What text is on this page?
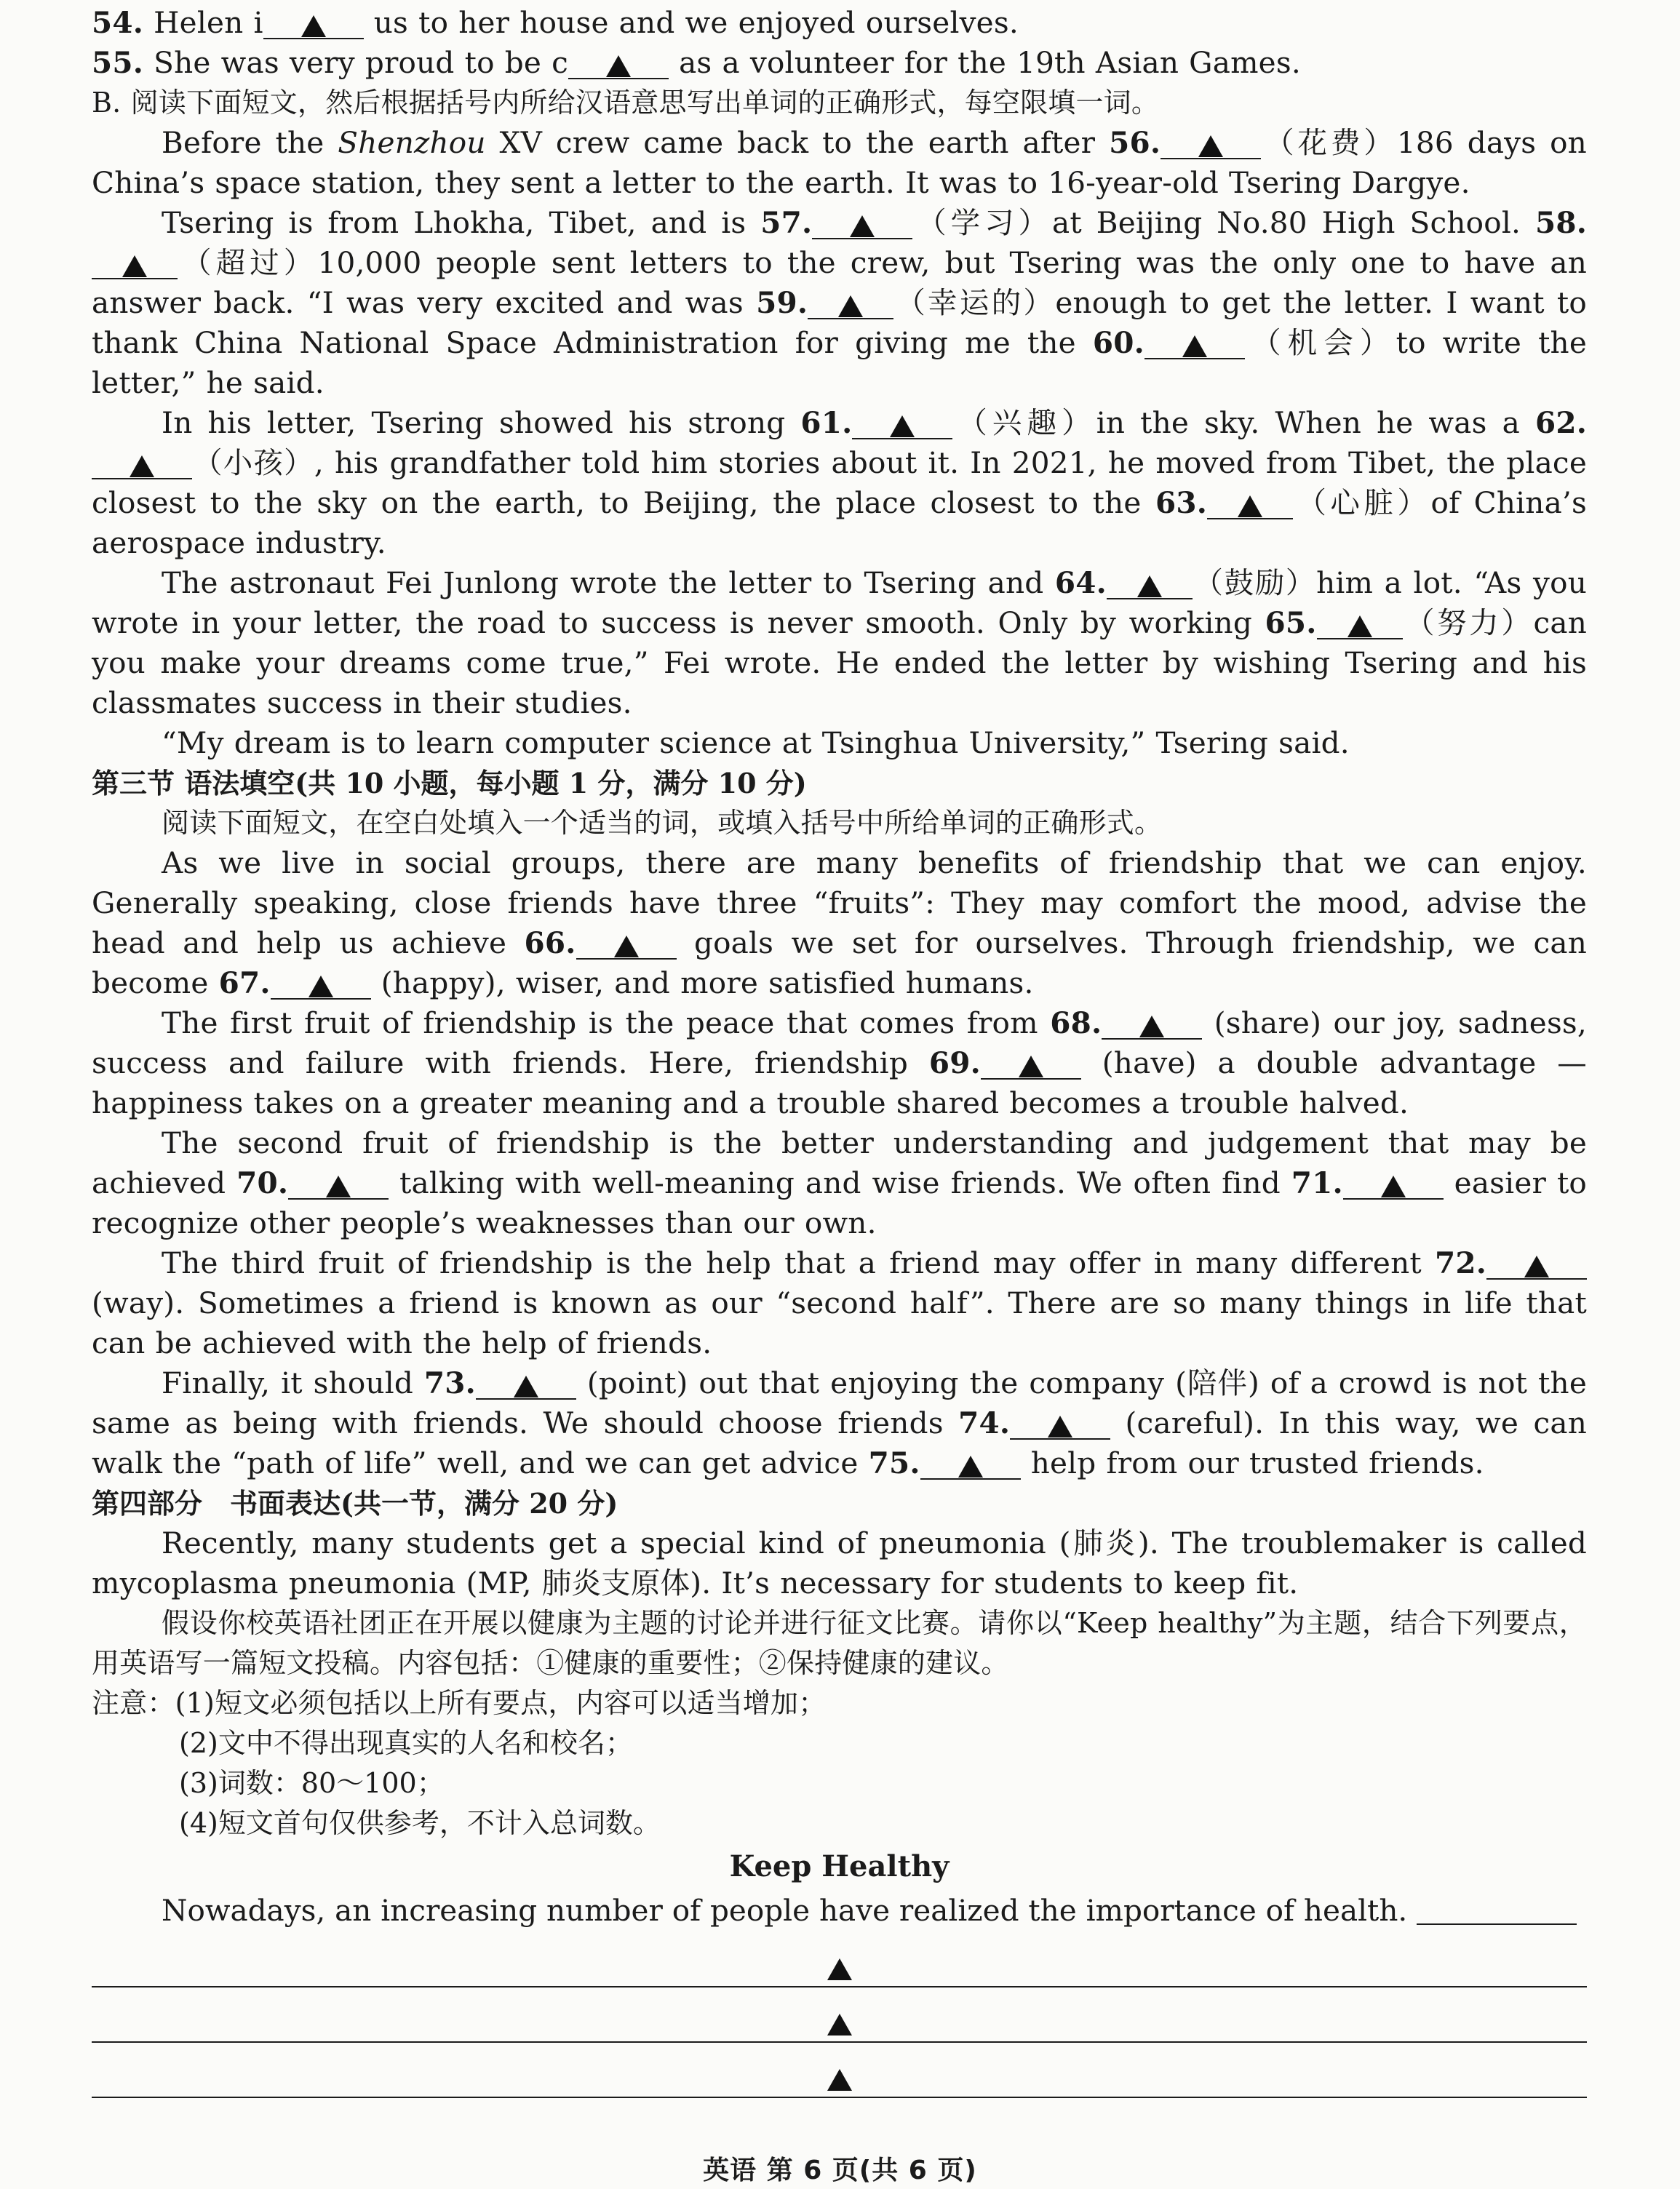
54. Helen i	us to her house and we enjoyed ourselves.

55. She was very proud to be c	as a volunteer for the 19th Asian Games.

B. 阅读下面短文，然后根据括号内所给汉语意思写出单词的正确形式，每空限填一词。

Before the Shenzhou XV crew came back to the earth after 56.	（花费）186 days on China’s space station, they sent a letter to the earth. It was to 16-year-old Tsering Dargye.

Tsering is from Lhokha, Tibet, and is 57.	（学习）at Beijing No.80 High School. 58.（超过）10,000 people sent letters to the crew, but Tsering was the only one to have an answer back. “I was very excited and was 59.	（幸运的）enough to get the letter. I want to thank China National Space Administration for giving me the 60.	（机会）to write the letter,” he said.

In his letter, Tsering showed his strong 61.	（兴趣）in the sky. When he was a 62.（小孩）, his grandfather told him stories about it. In 2021, he moved from Tibet, the place closest to the sky on the earth, to Beijing, the place closest to the 63.	（心脏）of China’s aerospace industry.

The astronaut Fei Junlong wrote the letter to Tsering and 64.	（鼓励）him a lot. “As you wrote in your letter, the road to success is never smooth. Only by working 65.	（努力）can you make your dreams come true,” Fei wrote. He ended the letter by wishing Tsering and his classmates success in their studies.

“My dream is to learn computer science at Tsinghua University,” Tsering said.

第三节 语法填空(共 10 小题，每小题 1 分，满分 10 分)

阅读下面短文，在空白处填入一个适当的词，或填入括号中所给单词的正确形式。

As we live in social groups, there are many benefits of friendship that we can enjoy. Generally speaking, close friends have three “fruits”: They may comfort the mood, advise the head and help us achieve 66.	goals we set for ourselves. Through friendship, we can become 67.	(happy), wiser, and more satisfied humans.

The first fruit of friendship is the peace that comes from 68.	(share) our joy, sadness, success and failure with friends. Here, friendship 69.	(have) a double advantage — happiness takes on a greater meaning and a trouble shared becomes a trouble halved.

The second fruit of friendship is the better understanding and judgement that may be achieved 70.	talking with well-meaning and wise friends. We often find 71.	easier to recognize other people’s weaknesses than our own.

The third fruit of friendship is the help that a friend may offer in many different 72. (way). Sometimes a friend is known as our “second half”. There are so many things in life that can be achieved with the help of friends.

Finally, it should 73.	(point) out that enjoying the company (陪伴) of a crowd is not the same as being with friends. We should choose friends 74.	(careful). In this way, we can walk the “path of life” well, and we can get advice 75.	help from our trusted friends.

第四部分 书面表达(共一节，满分 20 分)

Recently, many students get a special kind of pneumonia (肺炎). The troublemaker is called mycoplasma pneumonia (MP, 肺炎支原体). It’s necessary for students to keep fit.

假设你校英语社团正在开展以健康为主题的讨论并进行征文比赛。请你以“Keep healthy”为主题，结合下列要点，用英语写一篇短文投稿。内容包括：①健康的重要性；②保持健康的建议。

注意：(1)短文必须包括以上所有要点，内容可以适当增加；

(2)文中不得出现真实的人名和校名；

(3)词数：80～100；

(4)短文首句仅供参考，不计入总词数。

Keep Healthy

Nowadays, an increasing number of people have realized the importance of health.

英语 第 6 页(共 6 页)
